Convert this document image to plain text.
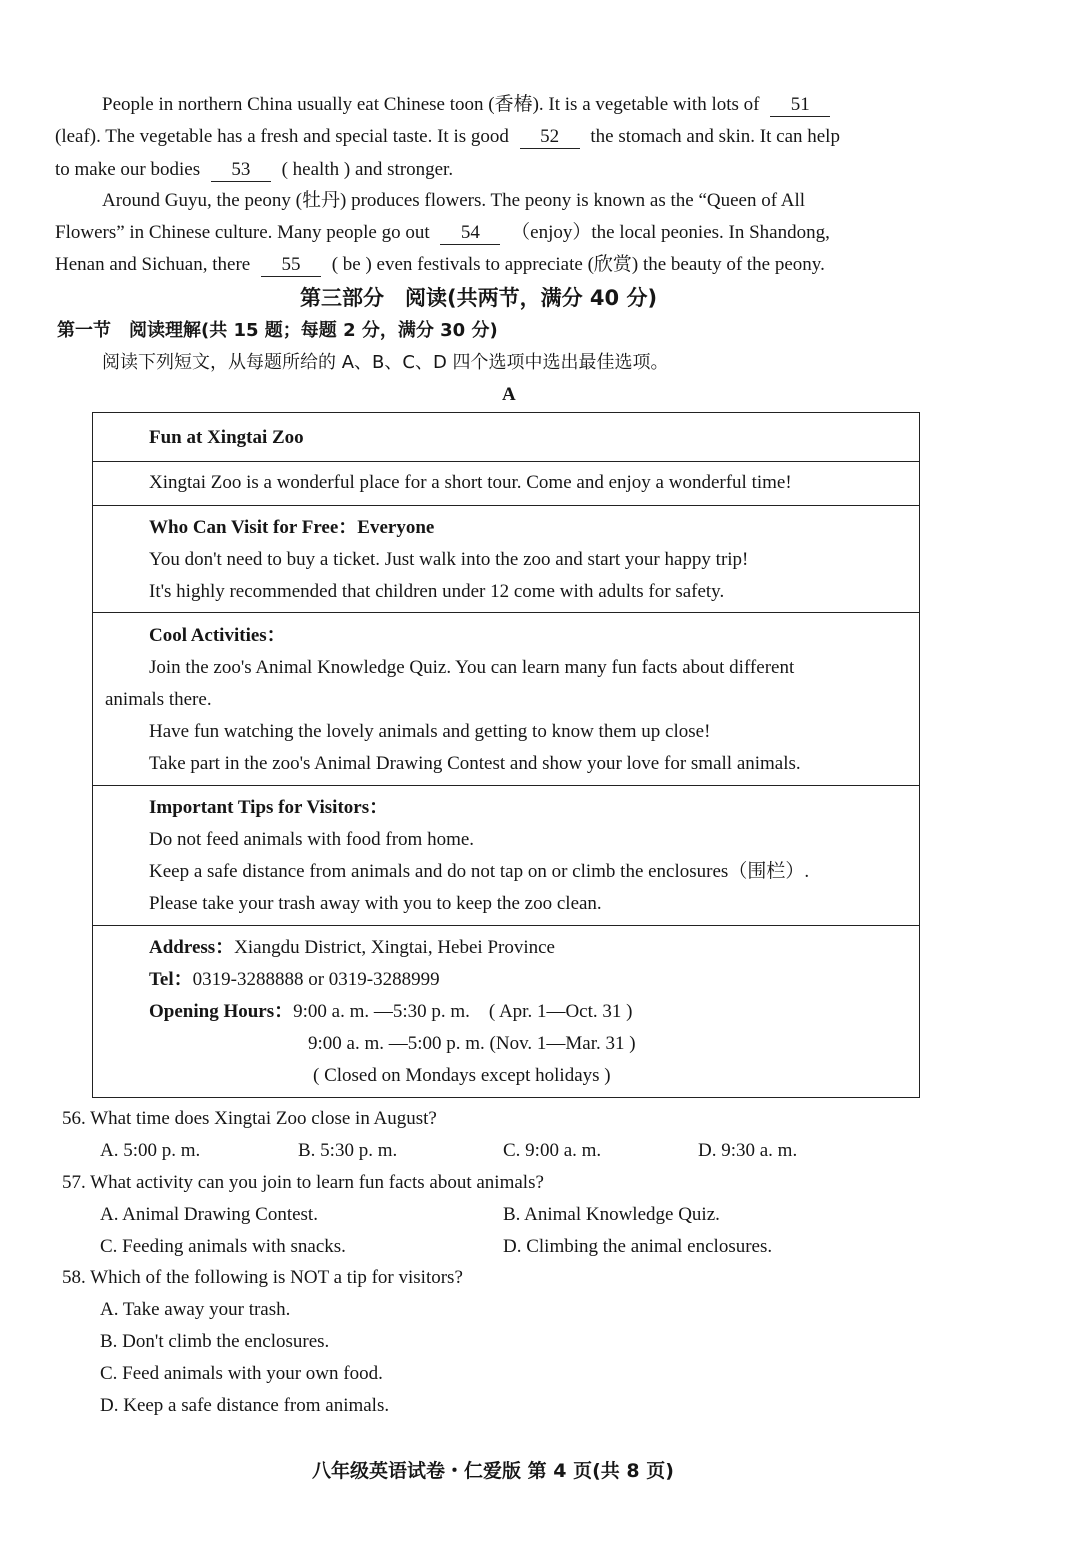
People in northern China usually eat Chinese toon (香椿). It is a vegetable with lots of 51
(leaf). The vegetable has a fresh and special taste. It is good 52 the stomach and skin. It can help
to make our bodies 53 ( health ) and stronger.
Around Guyu, the peony (牡丹) produces flowers. The peony is known as the “Queen of All
Flowers” in Chinese culture. Many people go out 54 （enjoy）the local peonies. In Shandong,
Henan and Sichuan, there 55 ( be ) even festivals to appreciate (欣赏) the beauty of the peony.
第三部分　阅读(共两节，满分 40 分)
第一节　阅读理解(共 15 题；每题 2 分，满分 30 分)
阅读下列短文，从每题所给的 A、B、C、D 四个选项中选出最佳选项。
A
Fun at Xingtai Zoo
Xingtai Zoo is a wonderful place for a short tour. Come and enjoy a wonderful time!
Who Can Visit for Free：Everyone
You don't need to buy a ticket. Just walk into the zoo and start your happy trip!
It's highly recommended that children under 12 come with adults for safety.
Cool Activities：
Join the zoo's Animal Knowledge Quiz. You can learn many fun facts about different
animals there.
Have fun watching the lovely animals and getting to know them up close!
Take part in the zoo's Animal Drawing Contest and show your love for small animals.
Important Tips for Visitors：
Do not feed animals with food from home.
Keep a safe distance from animals and do not tap on or climb the enclosures（围栏）.
Please take your trash away with you to keep the zoo clean.
Address：Xiangdu District, Xingtai, Hebei Province
Tel：0319-3288888 or 0319-3288999
Opening Hours：9:00 a. m. —5:30 p. m.　( Apr. 1—Oct. 31 )
9:00 a. m. —5:00 p. m. (Nov. 1—Mar. 31 )
( Closed on Mondays except holidays )
56. What time does Xingtai Zoo close in August?
A. 5:00 p. m.	B. 5:30 p. m.	C. 9:00 a. m.	D. 9:30 a. m.
57. What activity can you join to learn fun facts about animals?
A. Animal Drawing Contest.	B. Animal Knowledge Quiz.
C. Feeding animals with snacks.	D. Climbing the animal enclosures.
58. Which of the following is NOT a tip for visitors?
A. Take away your trash.
B. Don't climb the enclosures.
C. Feed animals with your own food.
D. Keep a safe distance from animals.
八年级英语试卷・仁爱版 第 4 页(共 8 页)
